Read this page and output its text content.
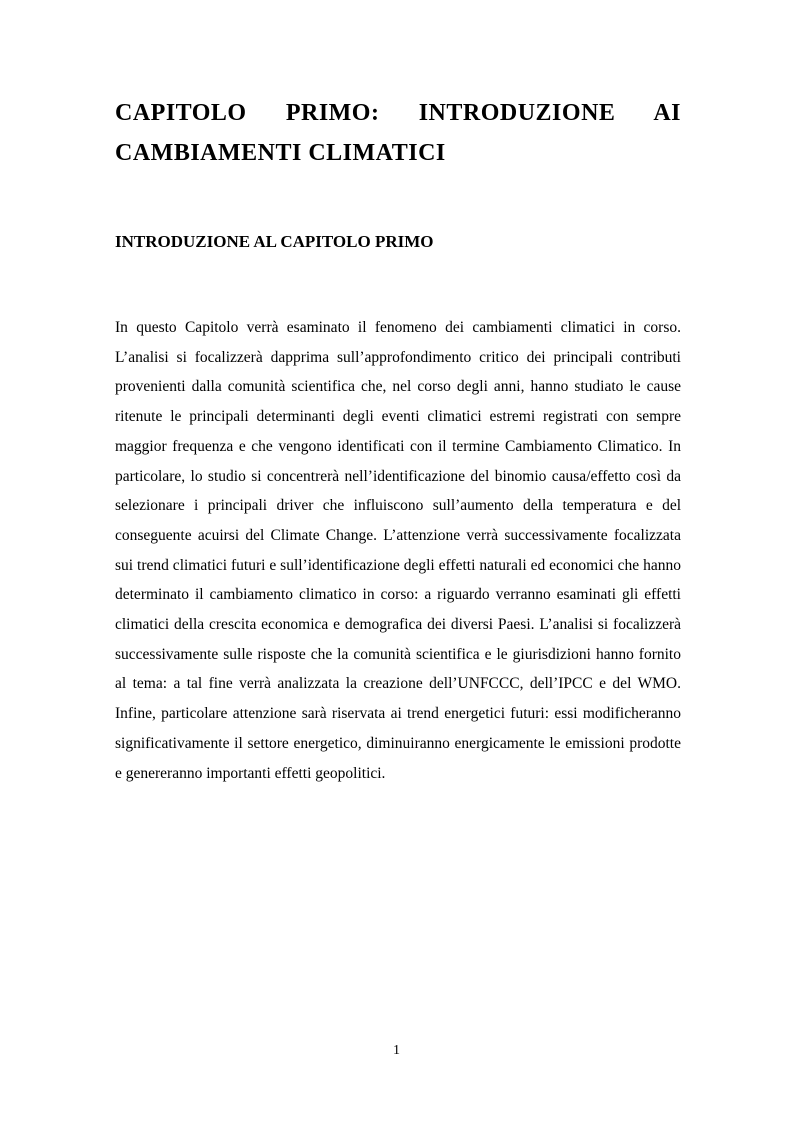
CAPITOLO PRIMO: INTRODUZIONE AI CAMBIAMENTI CLIMATICI
INTRODUZIONE AL CAPITOLO PRIMO

In questo Capitolo verrà esaminato il fenomeno dei cambiamenti climatici in corso. L’analisi si focalizzerà dapprima sull’approfondimento critico dei principali contributi provenienti dalla comunità scientifica che, nel corso degli anni, hanno studiato le cause ritenute le principali determinanti degli eventi climatici estremi registrati con sempre maggior frequenza e che vengono identificati con il termine Cambiamento Climatico. In particolare, lo studio si concentrerà nell’identificazione del binomio causa/effetto così da selezionare i principali driver che influiscono sull’aumento della temperatura e del conseguente acuirsi del Climate Change. L’attenzione verrà successivamente focalizzata sui trend climatici futuri e sull’identificazione degli effetti naturali ed economici che hanno determinato il cambiamento climatico in corso: a riguardo verranno esaminati gli effetti climatici della crescita economica e demografica dei diversi Paesi. L’analisi si focalizzerà successivamente sulle risposte che la comunità scientifica e le giurisdizioni hanno fornito al tema: a tal fine verrà analizzata la creazione dell’UNFCCC, dell’IPCC e del WMO. Infine, particolare attenzione sarà riservata ai trend energetici futuri: essi modificheranno significativamente il settore energetico, diminuiranno energicamente le emissioni prodotte e genereranno importanti effetti geopolitici.

1
